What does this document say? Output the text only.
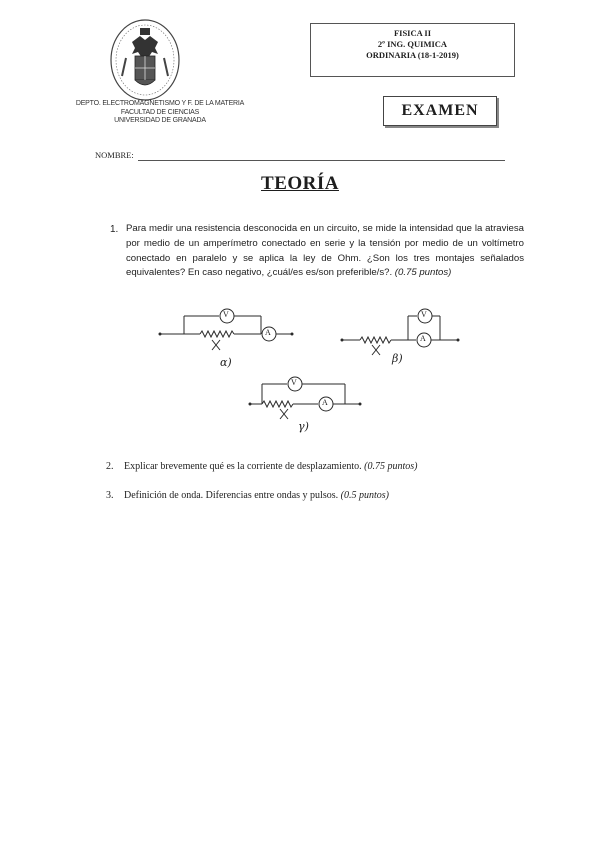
DEPTO. ELECTROMAGNETISMO Y F. DE LA MATERIA
FACULTAD DE CIENCIAS
UNIVERSIDAD DE GRANADA
FISICA II
2º ING. QUIMICA
ORDINARIA (18-1-2019)
EXAMEN
NOMBRE:
TEORÍA
1. Para medir una resistencia desconocida en un circuito, se mide la intensidad que la atraviesa por medio de un amperímetro conectado en serie y la tensión por medio de un voltímetro conectado en paralelo y se aplica la ley de Ohm. ¿Son los tres montajes señalados equivalentes? En caso negativo, ¿cuál/es es/son preferible/s?. (0.75 puntos)
V
A
V
A
V
A
α)	β)
γ)
2. Explicar brevemente qué es la corriente de desplazamiento. (0.75 puntos)
3. Definición de onda. Diferencias entre ondas y pulsos. (0.5 puntos)
